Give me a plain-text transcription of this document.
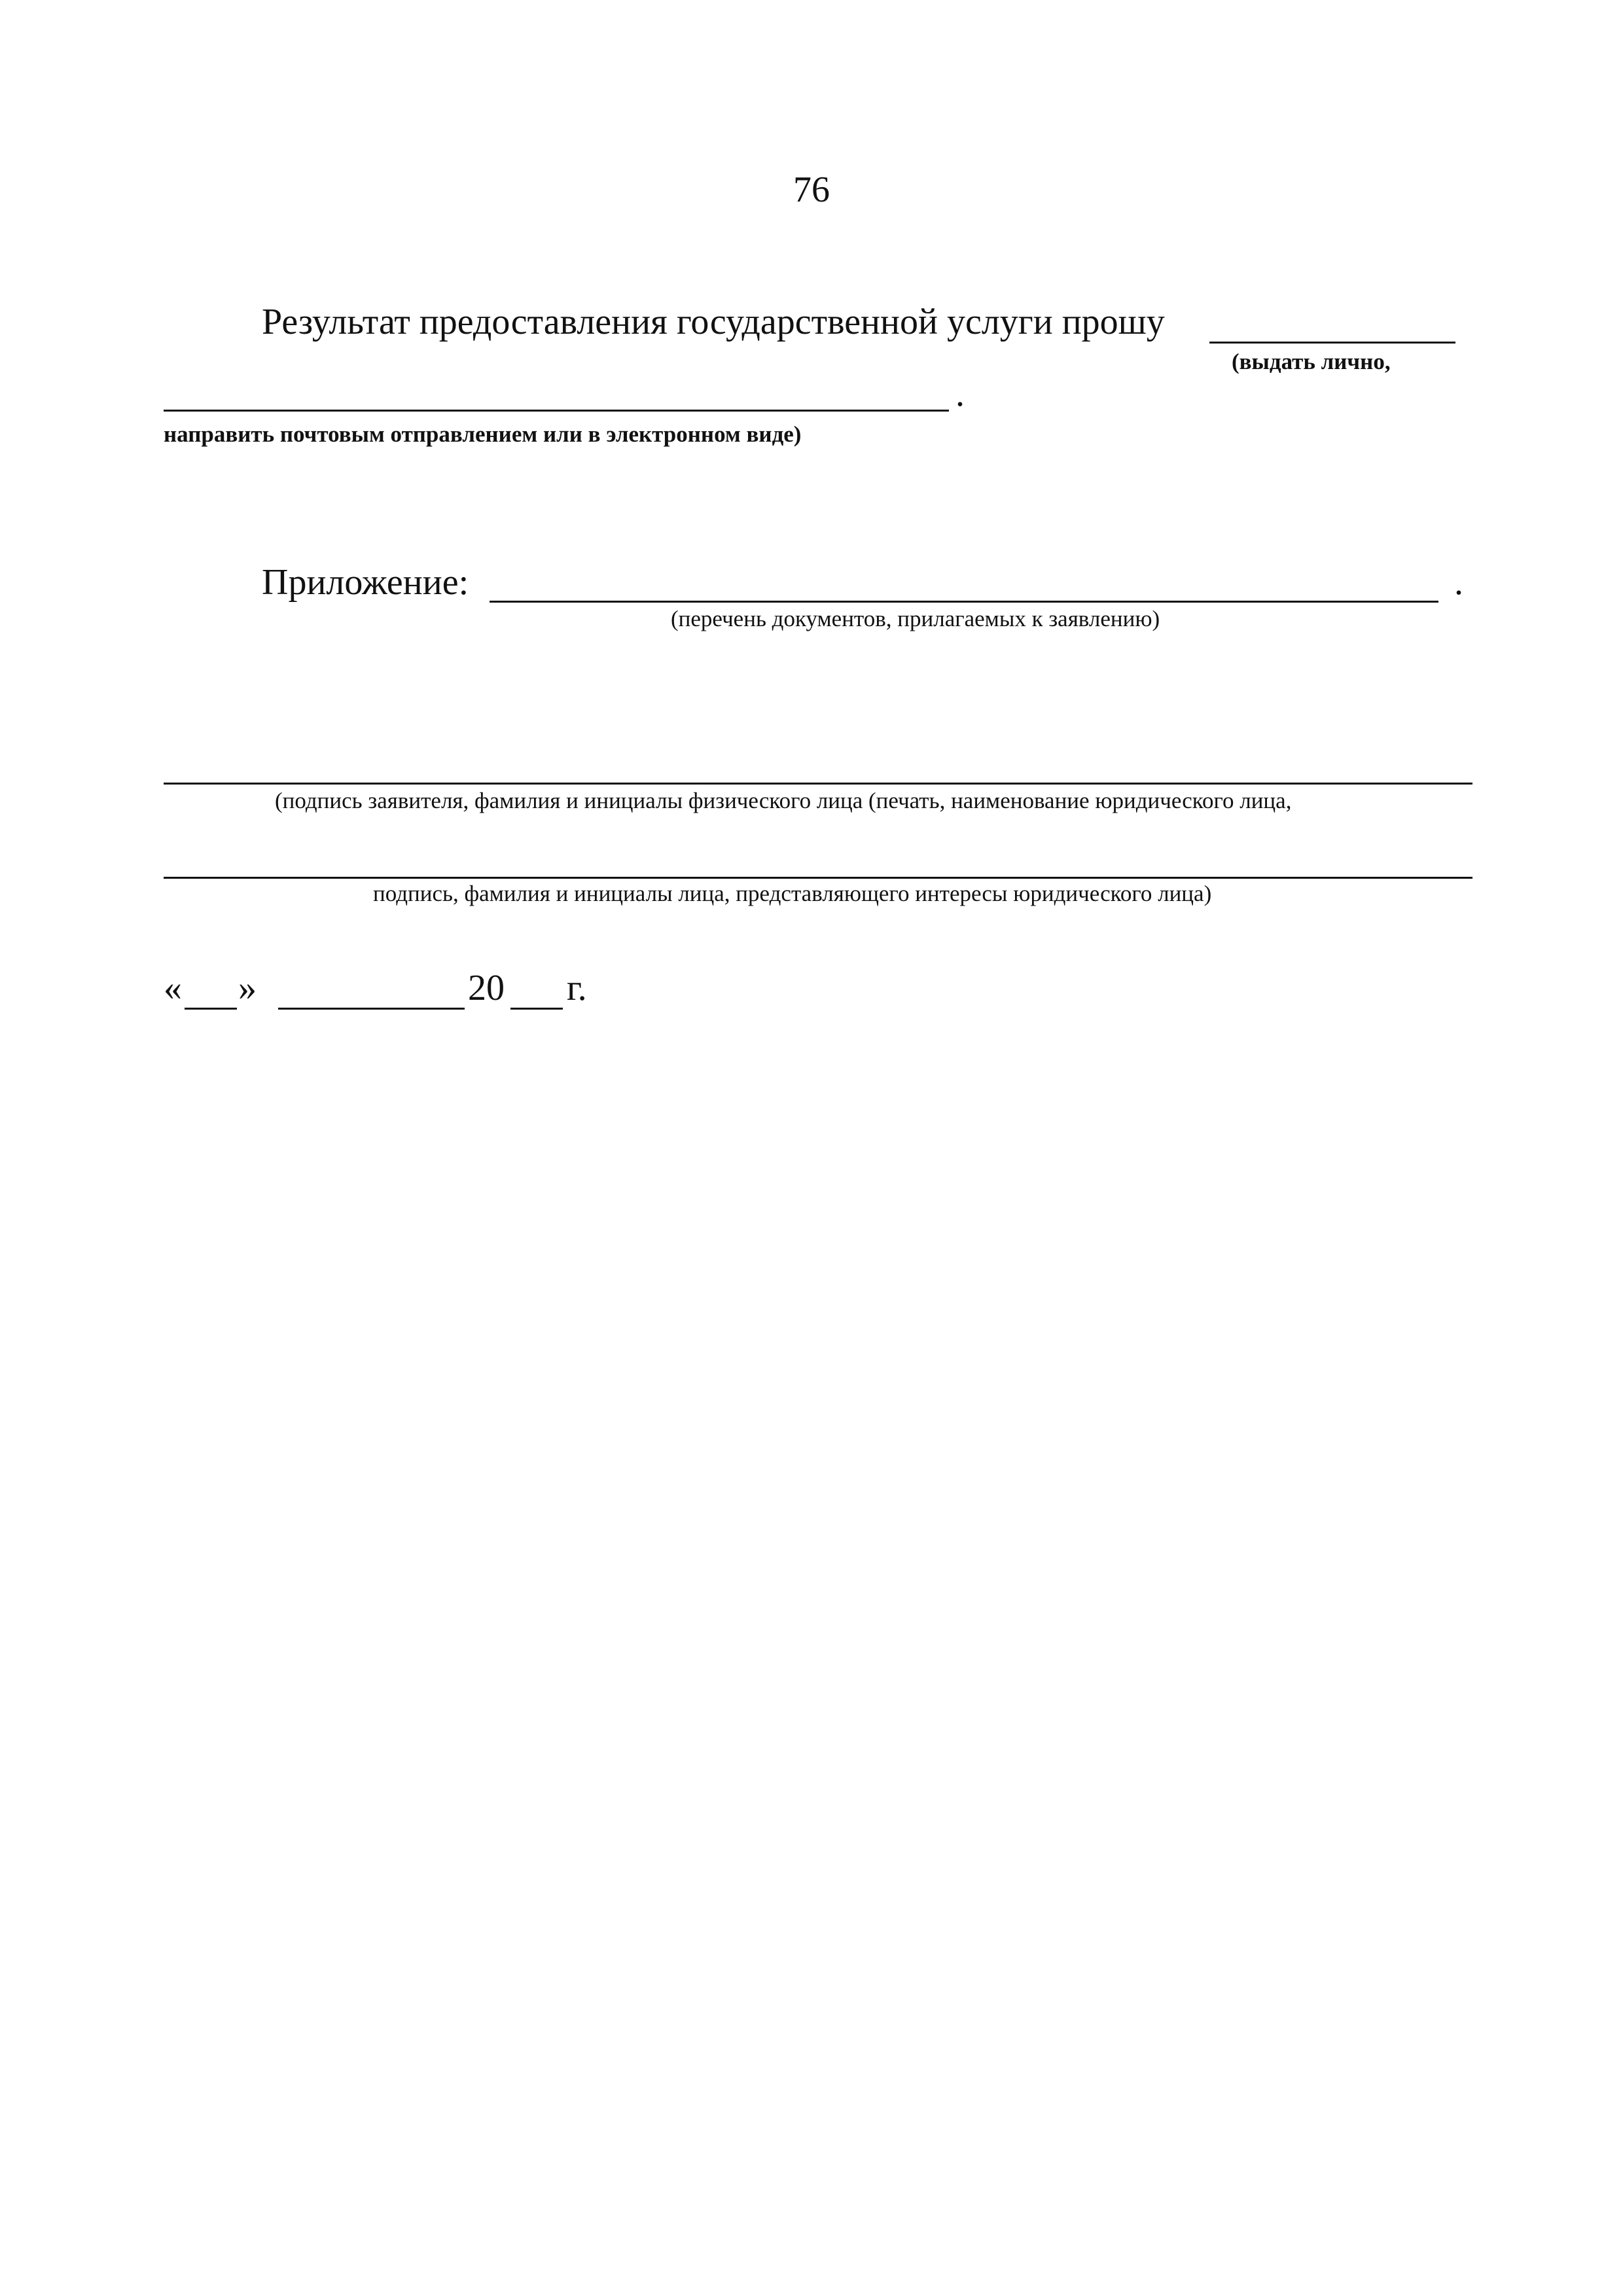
76
Результат предоставления государственной услуги прошу
(выдать лично,
.
направить почтовым отправлением или в электронном виде)
Приложение:	.
(перечень документов, прилагаемых к заявлению)
(подпись заявителя, фамилия и инициалы физического лица (печать, наименование юридического лица,
подпись, фамилия и инициалы лица, представляющего интересы юридического лица)
« »	20 г.
